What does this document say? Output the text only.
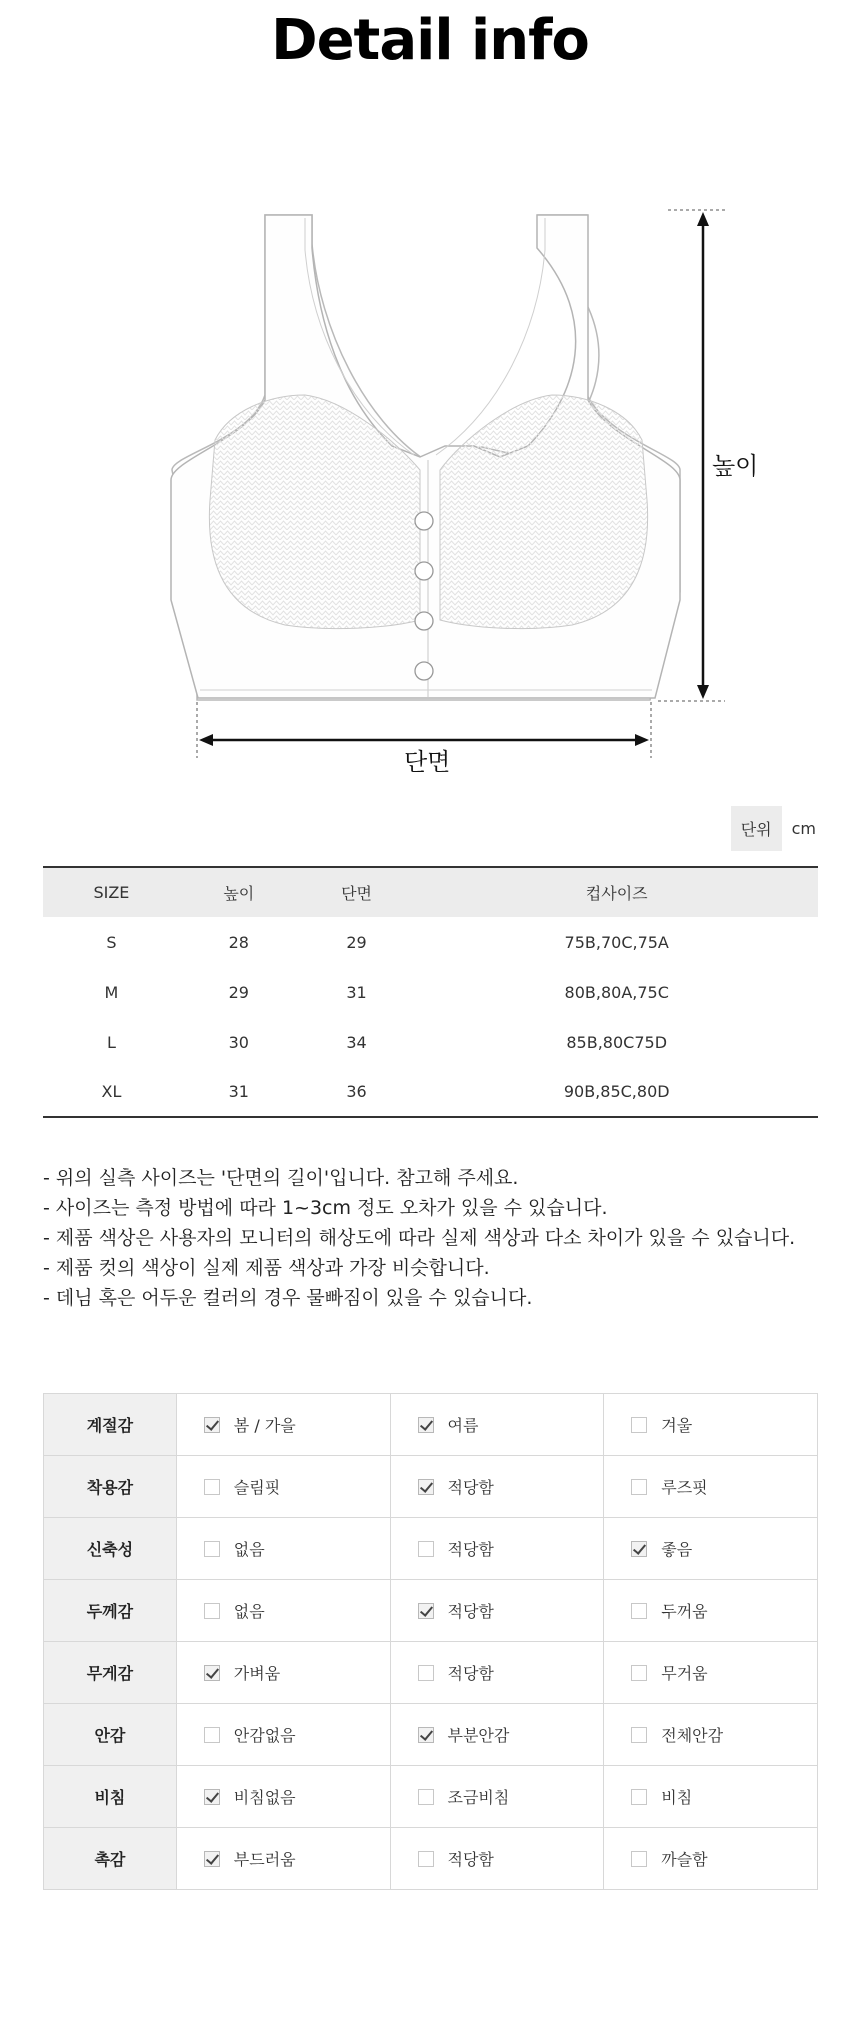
Detail info
높이
단면
단위	cm
SIZE	높이	단면	컵사이즈
S	28	29	75B,70C,75A
M	29	31	80B,80A,75C
L	30	34	85B,80C75D
XL	31	36	90B,85C,80D
- 위의 실측 사이즈는 '단면의 길이'입니다. 참고해 주세요.
- 사이즈는 측정 방법에 따라 1~3cm 정도 오차가 있을 수 있습니다.
- 제품 색상은 사용자의 모니터의 해상도에 따라 실제 색상과 다소 차이가 있을 수 있습니다.
- 제품 컷의 색상이 실제 제품 색상과 가장 비슷합니다.
- 데님 혹은 어두운 컬러의 경우 물빠짐이 있을 수 있습니다.
계절감	봄 / 가을	여름	겨울
착용감	슬림핏	적당함	루즈핏
신축성	없음	적당함	좋음
두께감	없음	적당함	두꺼움
무게감	가벼움	적당함	무거움
안감	안감없음	부분안감	전체안감
비침	비침없음	조금비침	비침
촉감	부드러움	적당함	까슬함
